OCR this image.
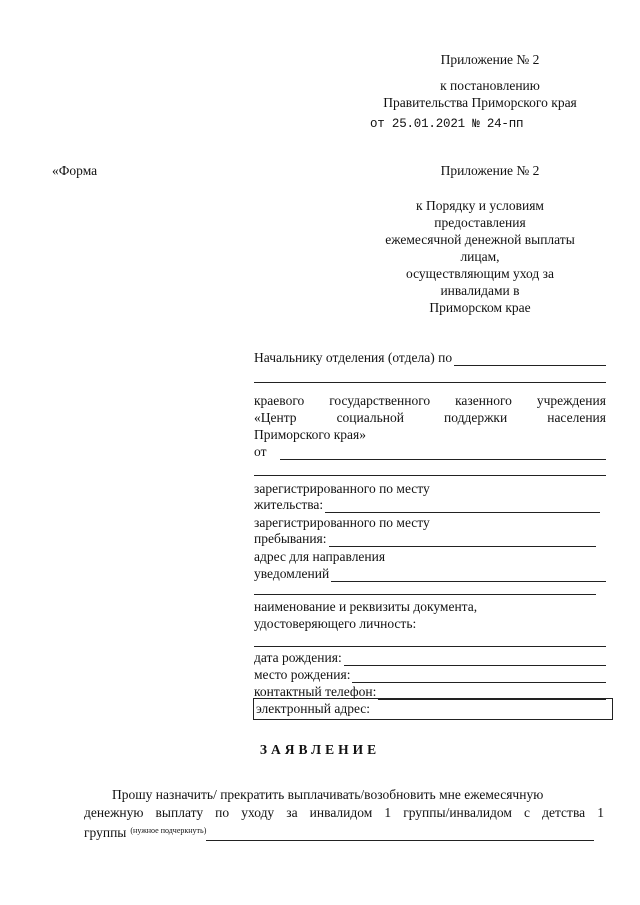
Приложение № 2
к постановлению
Правительства Приморского края
от 25.01.2021 № 24-пп
«Форма	Приложение № 2
к Порядку и условиям
предоставления
ежемесячной денежной выплаты
лицам,
осуществляющим уход за
инвалидами в
Приморском крае
Начальнику отделения (отдела) по
краевого государственного казенного учреждения
«Центр	социальной	поддержки	населения
Приморского края»
от
зарегистрированного по месту
жительства:
зарегистрированного по месту
пребывания:
адрес для направления
уведомлений
наименование и реквизиты документа,
удостоверяющего личность:
дата рождения:
место рождения:
контактный телефон:
электронный адрес:
ЗАЯВЛЕНИЕ
Прошу назначить/ прекратить выплачивать/возобновить мне ежемесячную
денежную выплату по уходу за инвалидом 1 группы/инвалидом с детства 1
группы (нужное подчеркнуть)
